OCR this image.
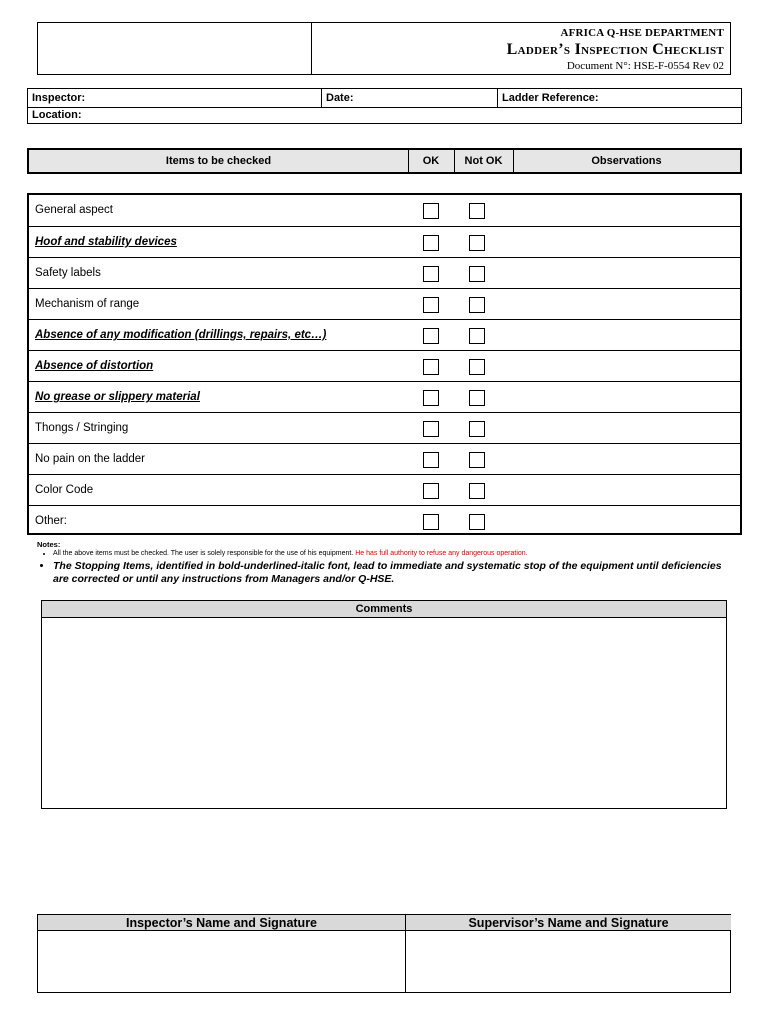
AFRICA Q-HSE DEPARTMENT
Ladder’s Inspection Checklist
Document N°: HSE-F-0554 Rev 02
Inspector:	Date:	Ladder Reference:
Location:
Items to be checked	OK	Not OK	Observations
General aspect
Hoof and stability devices
Safety labels
Mechanism of range
Absence of any modification (drillings, repairs, etc…)
Absence of distortion
No grease or slippery material
Thongs / Stringing
No pain on the ladder
Color Code
Other:
Notes:
• All the above items must be checked. The user is solely responsible for the use of his equipment. He has full authority to refuse any dangerous operation.
• The Stopping Items, identified in bold-underlined-italic font, lead to immediate and systematic stop of the equipment until deficiencies are corrected or until any instructions from Managers and/or Q-HSE.
Comments
Inspector’s Name and Signature	Supervisor’s Name and Signature
